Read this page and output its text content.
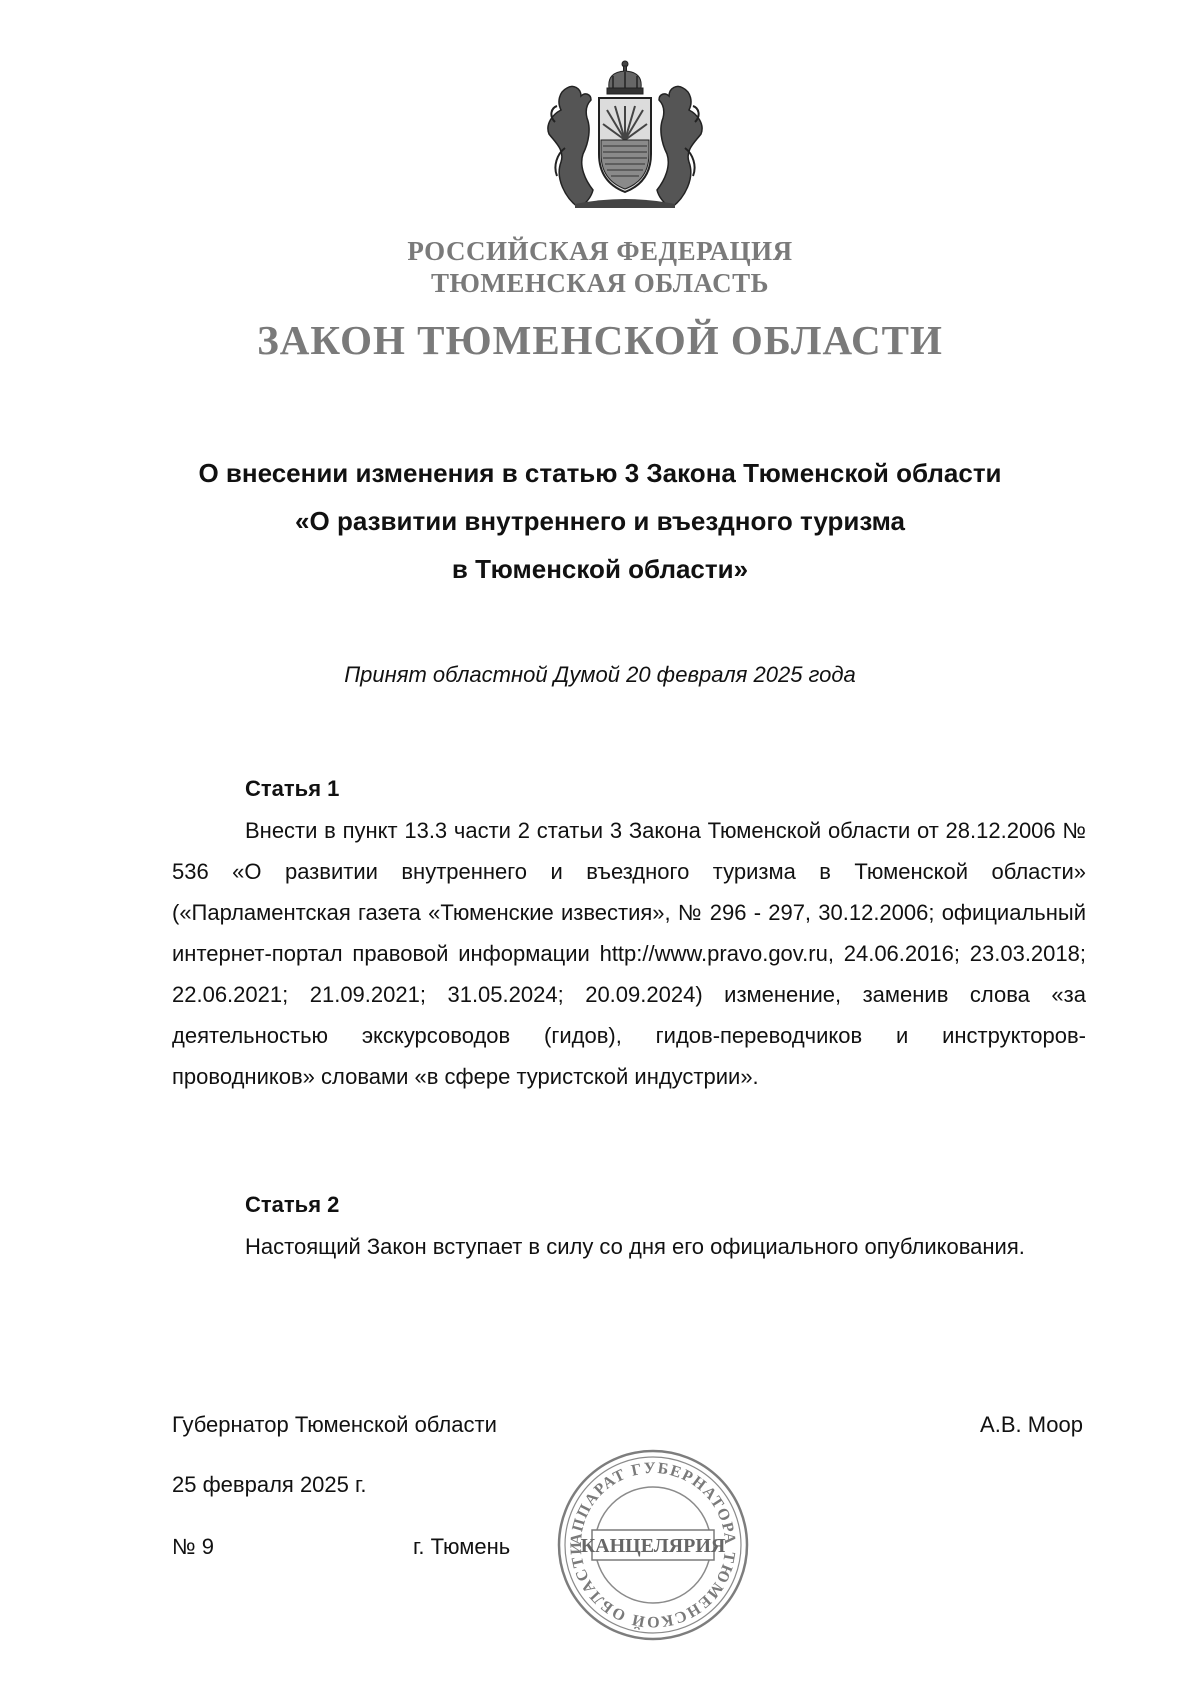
РОССИЙСКАЯ ФЕДЕРАЦИЯ
ТЮМЕНСКАЯ ОБЛАСТЬ
ЗАКОН ТЮМЕНСКОЙ ОБЛАСТИ
О внесении изменения в статью 3 Закона Тюменской области
«О развитии внутреннего и въездного туризма
в Тюменской области»
Принят областной Думой 20 февраля 2025 года
Статья 1

Внести в пункт 13.3 части 2 статьи 3 Закона Тюменской области от 28.12.2006 № 536 «О развитии внутреннего и въездного туризма в Тюменской области» («Парламентская газета «Тюменские известия», № 296 - 297, 30.12.2006; официальный интернет-портал правовой информации http://www.pravo.gov.ru, 24.06.2016; 23.03.2018; 22.06.2021; 21.09.2021; 31.05.2024; 20.09.2024) изменение, заменив слова «за деятельностью экскурсоводов (гидов), гидов-переводчиков и инструкторов-проводников» словами «в сфере туристской индустрии».

Статья 2

Настоящий Закон вступает в силу со дня его официального опубликования.

Губернатор Тюменской области	А.В. Моор
25 февраля 2025 г.
№ 9	г. Тюмень	АППАРАТ ГУБЕРНАТОРА ТЮМЕНСКОЙ ОБЛАСТИ
КАНЦЕЛЯРИЯ
